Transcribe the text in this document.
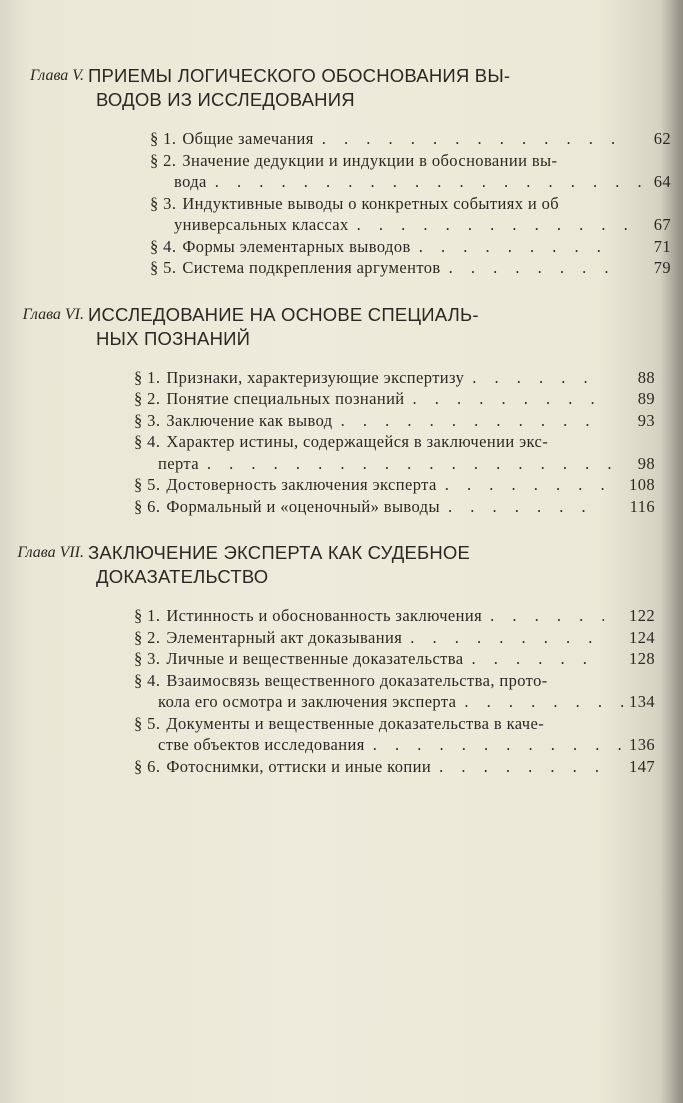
Глава V. ПРИЕМЫ ЛОГИЧЕСКОГО ОБОСНОВАНИЯ ВЫ-
ВОДОВ ИЗ ИССЛЕДОВАНИЯ
§ 1. Общие замечания . . .	62
§ 2. Значение дедукции и индукции в обосновании вы-
вода . . .	64
§ 3. Индуктивные выводы о конкретных событиях и об
универсальных классах . . .	67
§ 4. Формы элементарных выводов . . .	71
§ 5. Система подкрепления аргументов . . .	79
Глава VI. ИССЛЕДОВАНИЕ НА ОСНОВЕ СПЕЦИАЛЬ-
НЫХ ПОЗНАНИЙ
§ 1. Признаки, характеризующие экспертизу . . .	88
§ 2. Понятие специальных познаний . . .	89
§ 3. Заключение как вывод . . .	93
§ 4. Характер истины, содержащейся в заключении экс-
перта . . .	98
§ 5. Достоверность заключения эксперта . . .	108
§ 6. Формальный и «оценочный» выводы . . .	116
Глава VII. ЗАКЛЮЧЕНИЕ ЭКСПЕРТА КАК СУДЕБНОЕ
ДОКАЗАТЕЛЬСТВО
§ 1. Истинность и обоснованность заключения . . .	122
§ 2. Элементарный акт доказывания . . .	124
§ 3. Личные и вещественные доказательства . . .	128
§ 4. Взаимосвязь вещественного доказательства, прото-
кола его осмотра и заключения эксперта . . .	134
§ 5. Документы и вещественные доказательства в каче-
стве объектов исследования . . .	136
§ 6. Фотоснимки, оттиски и иные копии . . .	147
